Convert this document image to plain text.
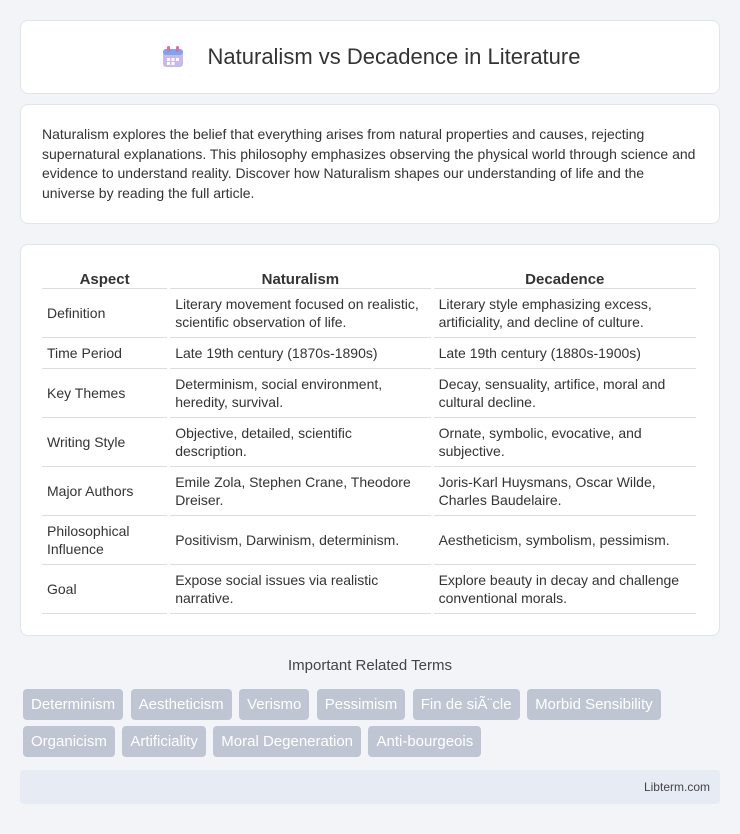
Naturalism vs Decadence in Literature

Naturalism explores the belief that everything arises from natural properties and causes, rejecting supernatural explanations. This philosophy emphasizes observing the physical world through science and evidence to understand reality. Discover how Naturalism shapes our understanding of life and the universe by reading the full article.

Aspect	Naturalism	Decadence
Definition	Literary movement focused on realistic, scientific observation of life.	Literary style emphasizing excess, artificiality, and decline of culture.
Time Period	Late 19th century (1870s-1890s)	Late 19th century (1880s-1900s)
Key Themes	Determinism, social environment, heredity, survival.	Decay, sensuality, artifice, moral and cultural decline.
Writing Style	Objective, detailed, scientific description.	Ornate, symbolic, evocative, and subjective.
Major Authors	Emile Zola, Stephen Crane, Theodore Dreiser.	Joris-Karl Huysmans, Oscar Wilde, Charles Baudelaire.
Philosophical Influence	Positivism, Darwinism, determinism.	Aestheticism, symbolism, pessimism.
Goal	Expose social issues via realistic narrative.	Explore beauty in decay and challenge conventional morals.
Important Related Terms
Determinism Aestheticism Verismo Pessimism Fin de siÃ¨cle Morbid Sensibility Organicism Artificiality Moral Degeneration Anti-bourgeois
Libterm.com
